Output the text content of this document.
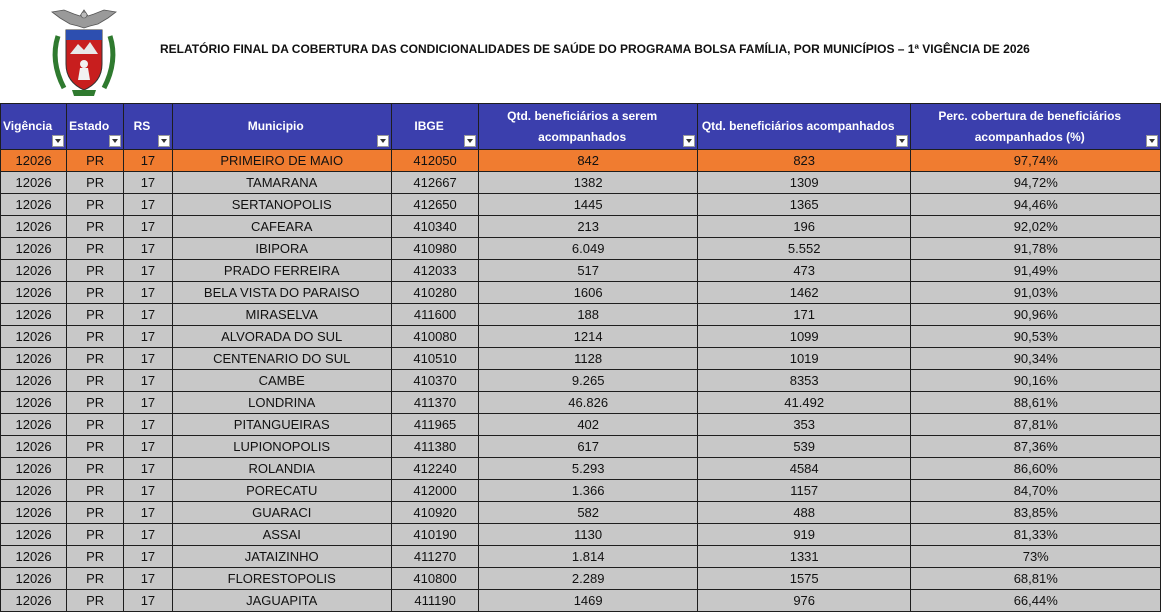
RELATÓRIO FINAL DA COBERTURA DAS CONDICIONALIDADES DE SAÚDE DO PROGRAMA BOLSA FAMÍLIA, POR MUNICÍPIOS – 1ª VIGÊNCIA DE 2026
Vigência	Estado	RS	Municipio	IBGE	Qtd. beneficiários a serem acompanhados	Qtd. beneficiários acompanhados	Perc. cobertura de beneficiários acompanhados (%)

12026	PR	17	PRIMEIRO DE MAIO	412050	842	823	97,74%
12026	PR	17	TAMARANA	412667	1382	1309	94,72%
12026	PR	17	SERTANOPOLIS	412650	1445	1365	94,46%
12026	PR	17	CAFEARA	410340	213	196	92,02%
12026	PR	17	IBIPORA	410980	6.049	5.552	91,78%
12026	PR	17	PRADO FERREIRA	412033	517	473	91,49%
12026	PR	17	BELA VISTA DO PARAISO	410280	1606	1462	91,03%
12026	PR	17	MIRASELVA	411600	188	171	90,96%
12026	PR	17	ALVORADA DO SUL	410080	1214	1099	90,53%
12026	PR	17	CENTENARIO DO SUL	410510	1128	1019	90,34%
12026	PR	17	CAMBE	410370	9.265	8353	90,16%
12026	PR	17	LONDRINA	411370	46.826	41.492	88,61%
12026	PR	17	PITANGUEIRAS	411965	402	353	87,81%
12026	PR	17	LUPIONOPOLIS	411380	617	539	87,36%
12026	PR	17	ROLANDIA	412240	5.293	4584	86,60%
12026	PR	17	PORECATU	412000	1.366	1157	84,70%
12026	PR	17	GUARACI	410920	582	488	83,85%
12026	PR	17	ASSAI	410190	1130	919	81,33%
12026	PR	17	JATAIZINHO	411270	1.814	1331	73%
12026	PR	17	FLORESTOPOLIS	410800	2.289	1575	68,81%
12026	PR	17	JAGUAPITA	411190	1469	976	66,44%
